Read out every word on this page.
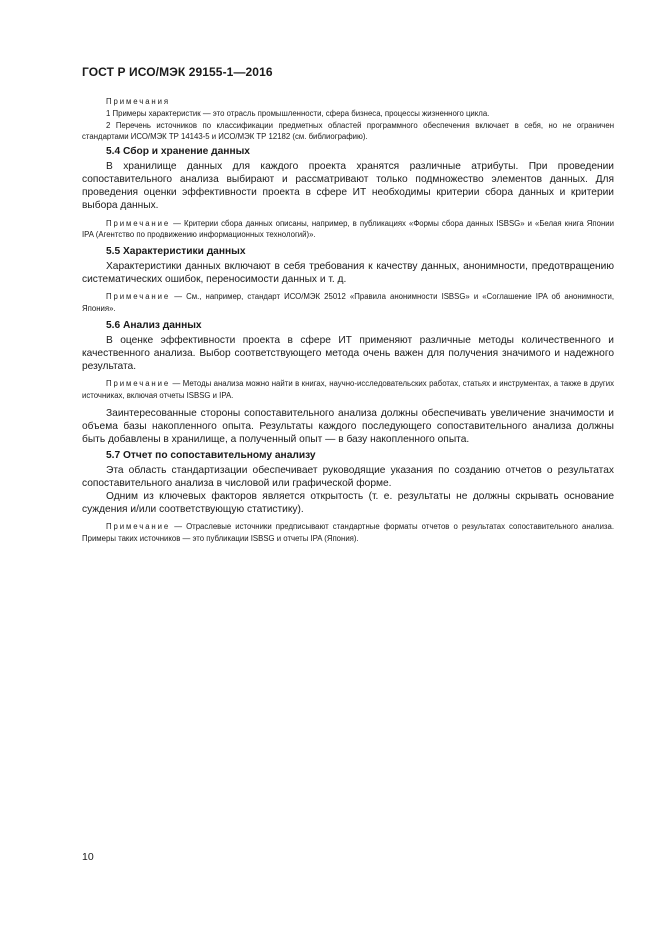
ГОСТ Р ИСО/МЭК 29155-1—2016

Примечания

1 Примеры характеристик — это отрасль промышленности, сфера бизнеса, процессы жизненного цикла.

2 Перечень источников по классификации предметных областей программного обеспечения включает в себя, но не ограничен стандартами ИСО/МЭК ТР 14143-5 и ИСО/МЭК ТР 12182 (см. библиографию).

5.4 Сбор и хранение данных

В хранилище данных для каждого проекта хранятся различные атрибуты. При проведении сопоставительного анализа выбирают и рассматривают только подмножество элементов данных. Для проведения оценки эффективности проекта в сфере ИТ необходимы критерии сбора данных и критерии выбора данных.

Примечание — Критерии сбора данных описаны, например, в публикациях «Формы сбора данных ISBSG» и «Белая книга Японии IPA (Агентство по продвижению информационных технологий)».

5.5 Характеристики данных

Характеристики данных включают в себя требования к качеству данных, анонимности, предотвращению систематических ошибок, переносимости данных и т. д.

Примечание — См., например, стандарт ИСО/МЭК 25012 «Правила анонимности ISBSG» и «Соглашение IPA об анонимности, Япония».

5.6 Анализ данных

В оценке эффективности проекта в сфере ИТ применяют различные методы количественного и качественного анализа. Выбор соответствующего метода очень важен для получения значимого и надежного результата.

Примечание — Методы анализа можно найти в книгах, научно-исследовательских работах, статьях и инструментах, а также в других источниках, включая отчеты ISBSG и IPA.

Заинтересованные стороны сопоставительного анализа должны обеспечивать увеличение значимости и объема базы накопленного опыта. Результаты каждого последующего сопоставительного анализа должны быть добавлены в хранилище, а полученный опыт — в базу накопленного опыта.

5.7 Отчет по сопоставительному анализу

Эта область стандартизации обеспечивает руководящие указания по созданию отчетов о результатах сопоставительного анализа в числовой или графической форме.

Одним из ключевых факторов является открытость (т. е. результаты не должны скрывать основание суждения и/или соответствующую статистику).

Примечание — Отраслевые источники предписывают стандартные форматы отчетов о результатах сопоставительного анализа. Примеры таких источников — это публикации ISBSG и отчеты IPA (Япония).

10
